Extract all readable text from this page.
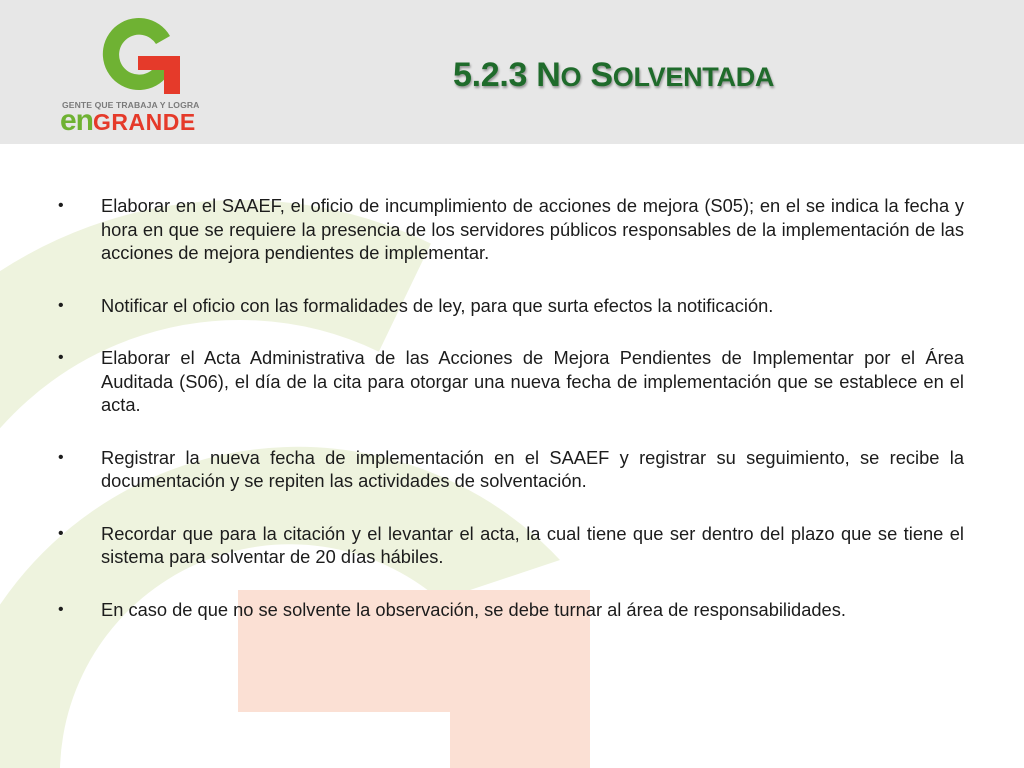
GENTE QUE TRABAJA Y LOGRA
enGRANDE
5.2.3 NO SOLVENTADA
•	Elaborar en el SAAEF, el oficio de incumplimiento de acciones de mejora (S05); en el se indica la fecha y hora en que se requiere la presencia de los servidores públicos responsables de la implementación de las acciones de mejora pendientes de implementar.
•	Notificar el oficio con las formalidades de ley, para que surta efectos la notificación.
•	Elaborar el Acta Administrativa de las Acciones de Mejora Pendientes de Implementar por el Área Auditada (S06), el día de la cita para otorgar una nueva fecha de implementación que se establece en el acta.
•	Registrar la nueva fecha de implementación en el SAAEF y registrar su seguimiento, se recibe la documentación y se repiten las actividades de solventación.
•	Recordar que para la citación y el levantar el acta, la cual tiene que ser dentro del plazo que se tiene el sistema para solventar de 20 días hábiles.
•	En caso de que no se solvente la observación, se debe turnar al área de responsabilidades.
